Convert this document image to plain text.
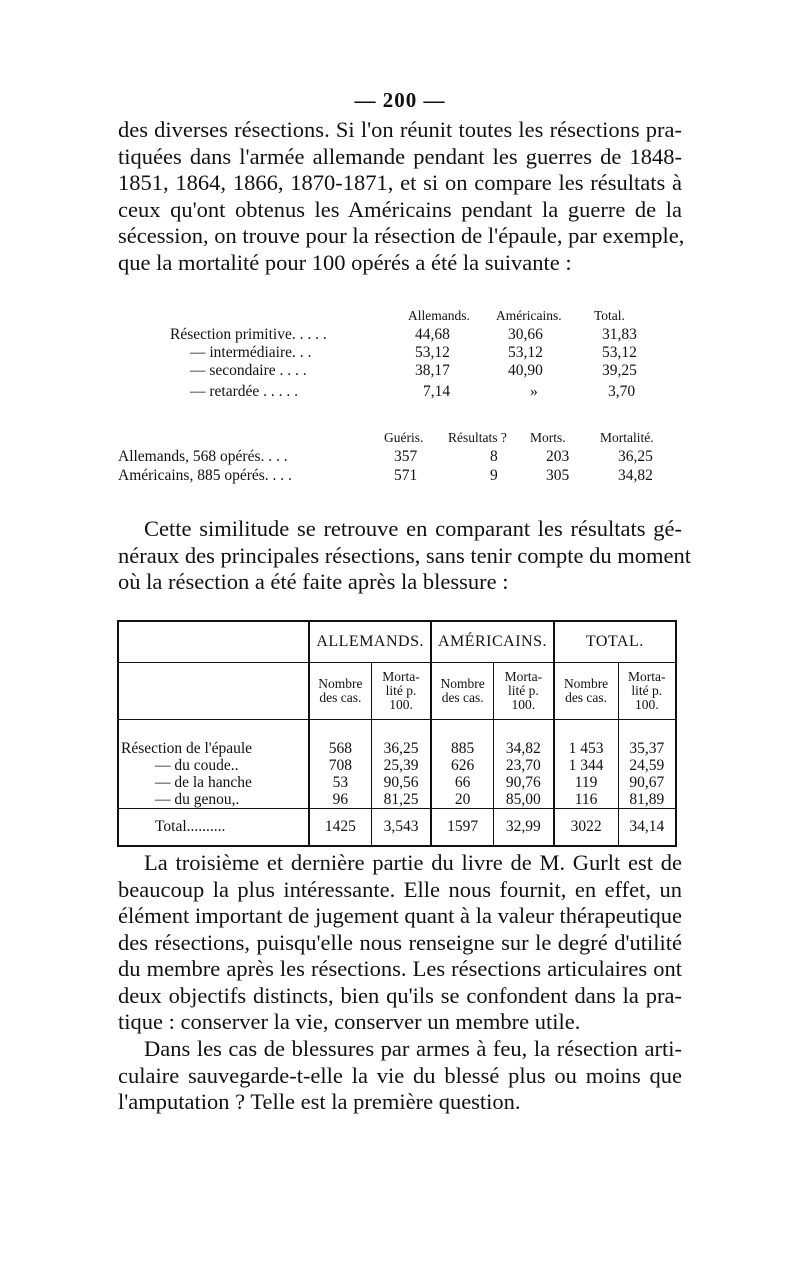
— 200 —
des diverses résections. Si l'on réunit toutes les résections pra-
tiquées dans l'armée allemande pendant les guerres de 1848-
1851, 1864, 1866, 1870-1871, et si on compare les résultats à
ceux qu'ont obtenus les Américains pendant la guerre de la
sécession, on trouve pour la résection de l'épaule, par exemple,
que la mortalité pour 100 opérés a été la suivante :
Allemands. Américains. Total.
Résection primitive. . . . .	44,68	30,66	31,83
— intermédiaire. . .	53,12	53,12	53,12
— secondaire . . . .	38,17	40,90	39,25
— retardée . . . . .	7,14	»	3,70
Guéris. Résultats ? Morts.	Mortalité.
Allemands, 568 opérés. . . .	357	8	203	36,25
Américains, 885 opérés. . . .	571	9	305	34,82
Cette similitude se retrouve en comparant les résultats gé-
néraux des principales résections, sans tenir compte du moment
où la résection a été faite après la blessure :
	ALLEMANDS.		AMÉRICAINS.		TOTAL.	
	Nombre des cas.	Morta- lité p. 100.	Nombre des cas.	Morta- lité p. 100.	Nombre des cas.	Morta- lité p. 100.

Résection de l'épaule	568	36,25	885	34,82	1 453	35,37
— du coude..	708	25,39	626	23,70	1 344	24,59
— de la hanche	53	90,56	66	90,76	119	90,67
— du genou,.	96	81,25	20	85,00	116	81,89
Total..........	1425	3,543	1597	32,99	3022	34,14
La troisième et dernière partie du livre de M. Gurlt est de
beaucoup la plus intéressante. Elle nous fournit, en effet, un
élément important de jugement quant à la valeur thérapeutique
des résections, puisqu'elle nous renseigne sur le degré d'utilité
du membre après les résections. Les résections articulaires ont
deux objectifs distincts, bien qu'ils se confondent dans la pra-
tique : conserver la vie, conserver un membre utile.
Dans les cas de blessures par armes à feu, la résection arti-
culaire sauvegarde-t-elle la vie du blessé plus ou moins que
l'amputation ? Telle est la première question.
